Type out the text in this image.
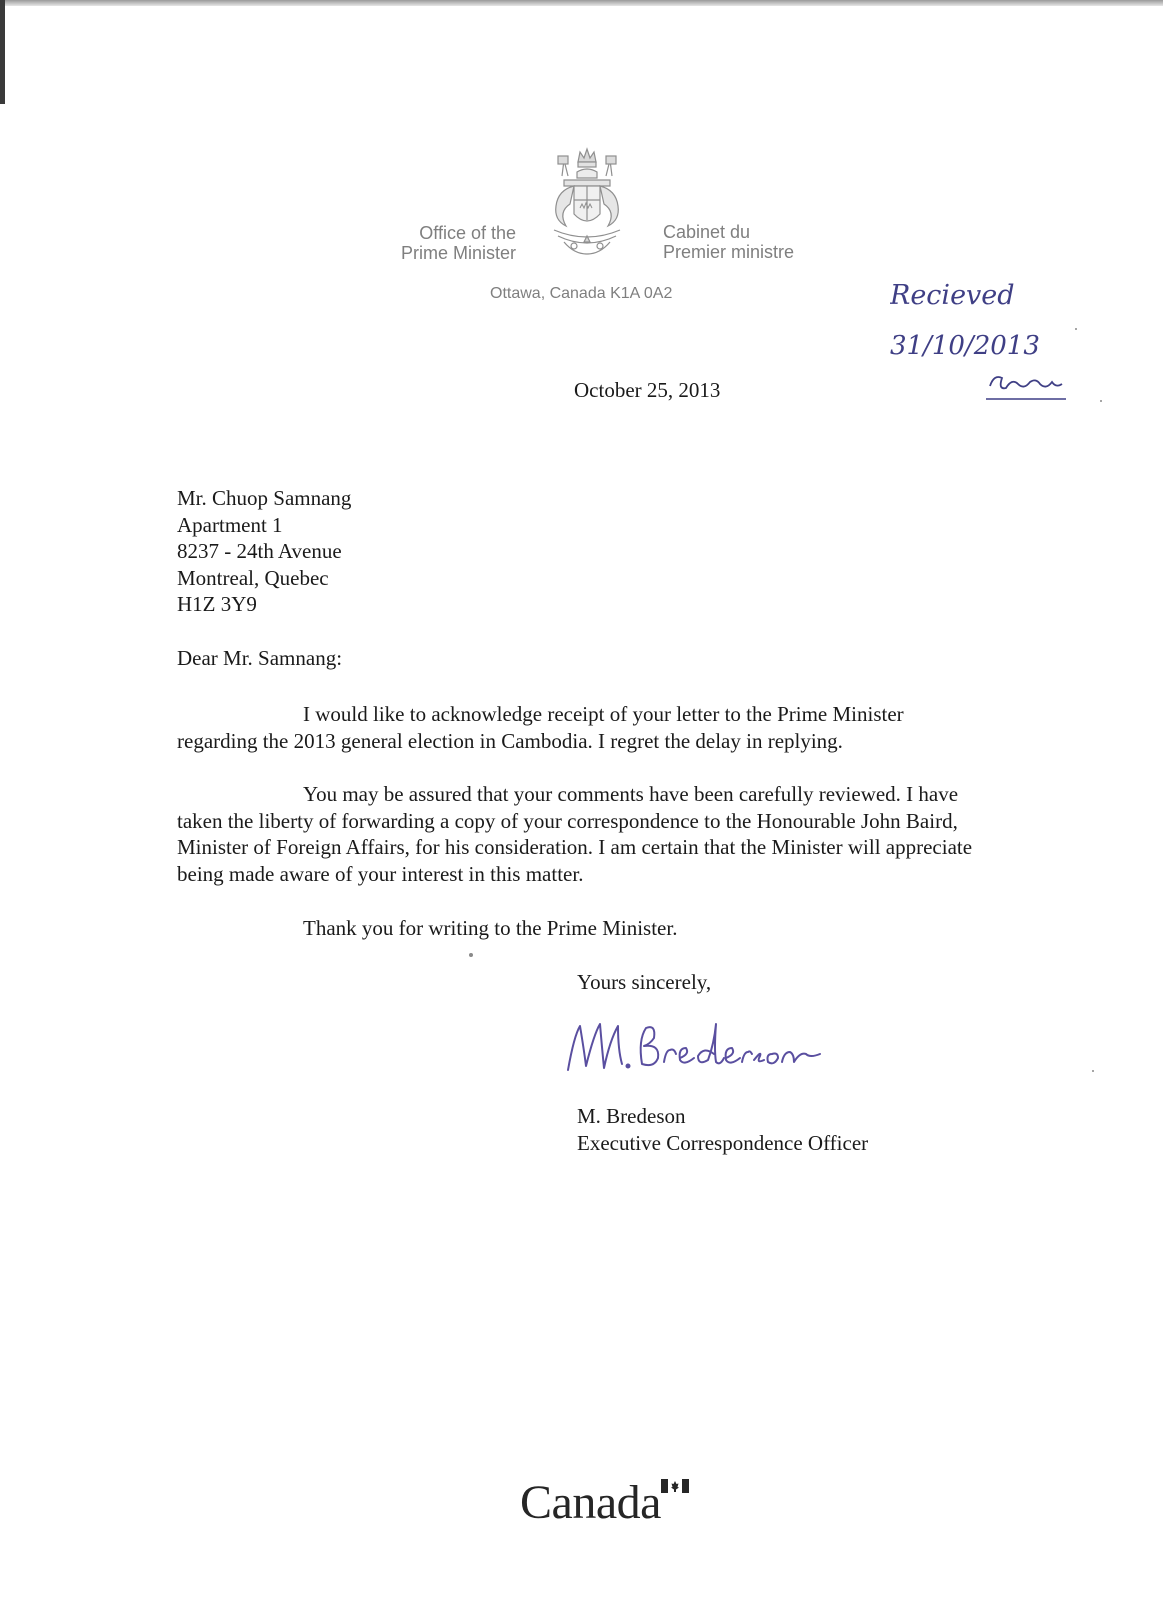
Office of the
Prime Minister

Cabinet du
Premier ministre

Ottawa, Canada K1A 0A2	Recieved
31/10/2013

October 25, 2013

Mr. Chuop Samnang
Apartment 1
8237 - 24th Avenue
Montreal, Quebec
H1Z 3Y9

Dear Mr. Samnang:

I would like to acknowledge receipt of your letter to the Prime Minister regarding the 2013 general election in Cambodia. I regret the delay in replying.

You may be assured that your comments have been carefully reviewed. I have taken the liberty of forwarding a copy of your correspondence to the Honourable John Baird, Minister of Foreign Affairs, for his consideration. I am certain that the Minister will appreciate being made aware of your interest in this matter.

Thank you for writing to the Prime Minister.

Yours sincerely,

M. Bredeson
Executive Correspondence Officer

Canada
